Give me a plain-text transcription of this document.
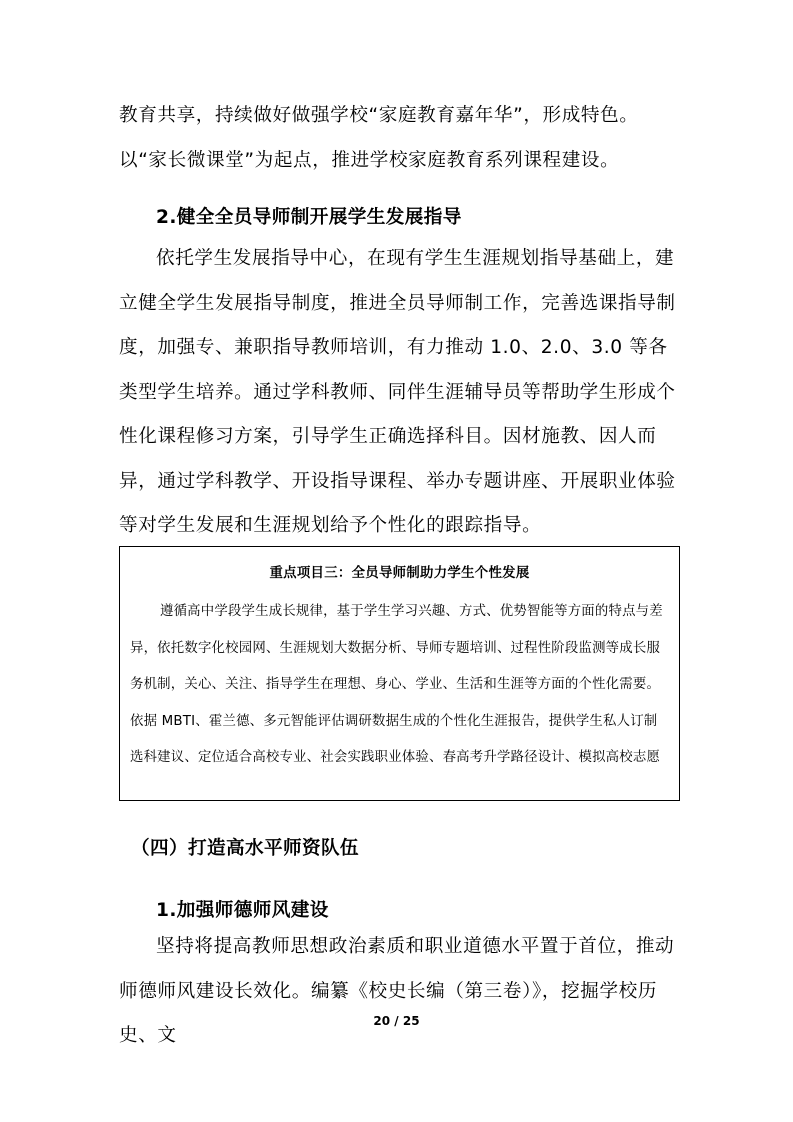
教育共享，持续做好做强学校“家庭教育嘉年华”，形成特色。以“家长微课堂”为起点，推进学校家庭教育系列课程建设。

2.健全全员导师制开展学生发展指导

依托学生发展指导中心，在现有学生生涯规划指导基础上，建立健全学生发展指导制度，推进全员导师制工作，完善选课指导制度，加强专、兼职指导教师培训，有力推动 1.0、2.0、3.0 等各类型学生培养。通过学科教师、同伴生涯辅导员等帮助学生形成个性化课程修习方案，引导学生正确选择科目。因材施教、因人而异，通过学科教学、开设指导课程、举办专题讲座、开展职业体验等对学生发展和生涯规划给予个性化的跟踪指导。

重点项目三：全员导师制助力学生个性发展

遵循高中学段学生成长规律，基于学生学习兴趣、方式、优势智能等方面的特点与差异，依托数字化校园网、生涯规划大数据分析、导师专题培训、过程性阶段监测等成长服务机制，关心、关注、指导学生在理想、身心、学业、生活和生涯等方面的个性化需要。依据 MBTI、霍兰德、多元智能评估调研数据生成的个性化生涯报告，提供学生私人订制选科建议、定位适合高校专业、社会实践职业体验、春高考升学路径设计、模拟高校志愿

（四）打造高水平师资队伍

1.加强师德师风建设

坚持将提高教师思想政治素质和职业道德水平置于首位，推动师德师风建设长效化。编纂《校史长编（第三卷）》，挖掘学校历史、文

20 / 25
